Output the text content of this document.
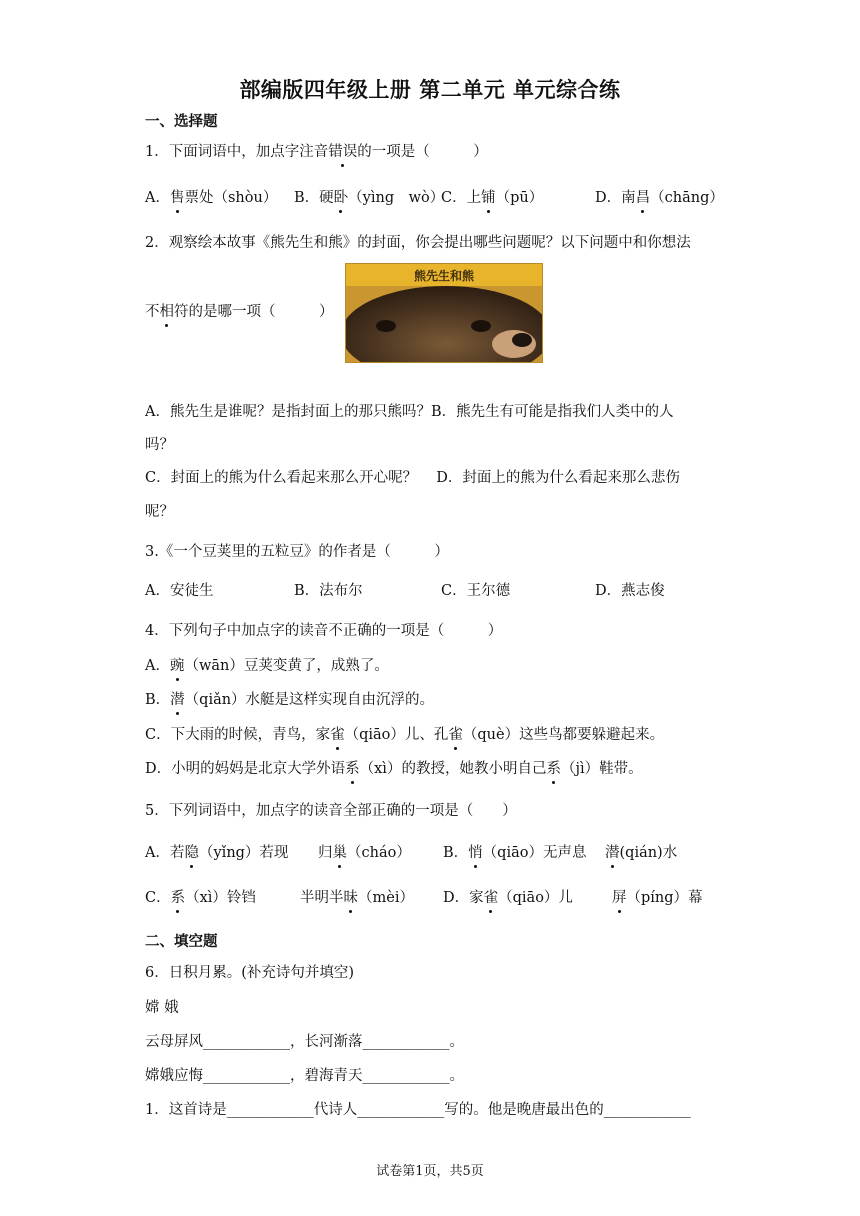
部编版四年级上册 第二单元 单元综合练
一、选择题
1．下面词语中，加点字注音错误的一项是（　　　）
A．售票处（shòu） B．硬卧（yìng　wò）
C．上铺（pū）	D．南昌（chāng）
2．观察绘本故事《熊先生和熊》的封面，你会提出哪些问题呢？以下问题中和你想法
不相符的是哪一项（　　　）
熊先生和熊
A．熊先生是谁呢？是指封面上的那只熊吗？B．熊先生有可能是指我们人类中的人
吗？
C．封面上的熊为什么看起来那么开心呢？　 D．封面上的熊为什么看起来那么悲伤
呢？
3.《一个豆荚里的五粒豆》的作者是（　　　）
A．安徒生	B．法布尔	C．王尔德	D．燕志俊
4．下列句子中加点字的读音不正确的一项是（　　　）
A．豌（wān）豆荚变黄了，成熟了。
B．潜（qiǎn）水艇是这样实现自由沉浮的。
C．下大雨的时候，青鸟，家雀（qiāo）儿、孔雀（què）这些鸟都要躲避起来。
D．小明的妈妈是北京大学外语系（xì）的教授，她教小明自己系（jì）鞋带。
5．下列词语中，加点字的读音全部正确的一项是（　　）
A．若隐（yǐng）若现 归巢（cháo） B．悄（qiāo）无声息 潜(qián)水
C．系（xì）铃铛	半明半昧（mèi） D．家雀（qiāo）儿	屏（píng）幕
二、填空题
6．日积月累。(补充诗句并填空)
嫦 娥
云母屏风____________，长河渐落____________。
嫦娥应悔____________，碧海青天____________。
1．这首诗是____________代诗人____________写的。他是晚唐最出色的____________
试卷第1页，共5页
